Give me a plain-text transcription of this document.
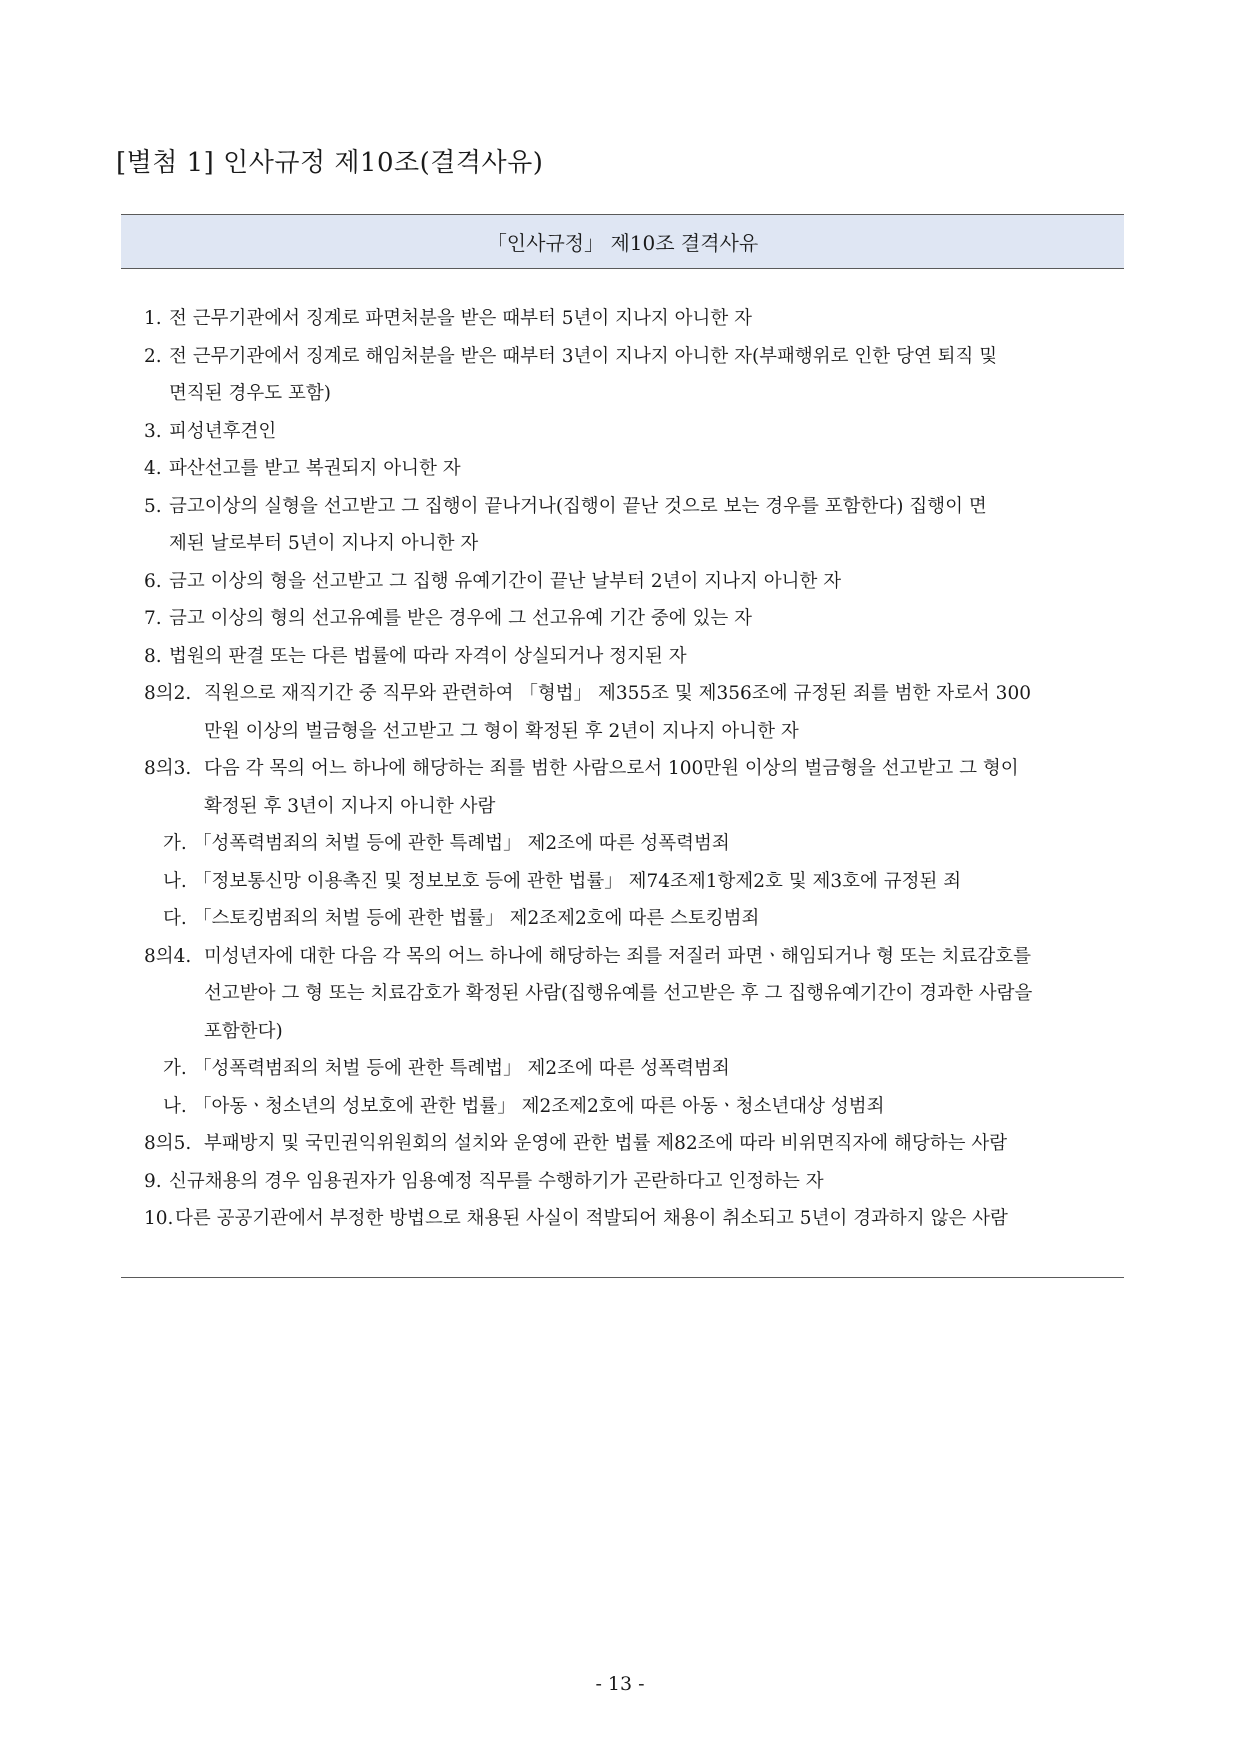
[별첨 1] 인사규정 제10조(결격사유)
「인사규정」 제10조 결격사유
1. 전 근무기관에서 징계로 파면처분을 받은 때부터 5년이 지나지 아니한 자
2. 전 근무기관에서 징계로 해임처분을 받은 때부터 3년이 지나지 아니한 자(부패행위로 인한 당연 퇴직 및
면직된 경우도 포함)
3. 피성년후견인
4. 파산선고를 받고 복권되지 아니한 자
5. 금고이상의 실형을 선고받고 그 집행이 끝나거나(집행이 끝난 것으로 보는 경우를 포함한다) 집행이 면
제된 날로부터 5년이 지나지 아니한 자
6. 금고 이상의 형을 선고받고 그 집행 유예기간이 끝난 날부터 2년이 지나지 아니한 자
7. 금고 이상의 형의 선고유예를 받은 경우에 그 선고유예 기간 중에 있는 자
8. 법원의 판결 또는 다른 법률에 따라 자격이 상실되거나 정지된 자
8의2. 직원으로 재직기간 중 직무와 관련하여 「형법」 제355조 및 제356조에 규정된 죄를 범한 자로서 300
만원 이상의 벌금형을 선고받고 그 형이 확정된 후 2년이 지나지 아니한 자
8의3. 다음 각 목의 어느 하나에 해당하는 죄를 범한 사람으로서 100만원 이상의 벌금형을 선고받고 그 형이
확정된 후 3년이 지나지 아니한 사람
가. 「성폭력범죄의 처벌 등에 관한 특례법」 제2조에 따른 성폭력범죄
나. 「정보통신망 이용촉진 및 정보보호 등에 관한 법률」 제74조제1항제2호 및 제3호에 규정된 죄
다. 「스토킹범죄의 처벌 등에 관한 법률」 제2조제2호에 따른 스토킹범죄
8의4. 미성년자에 대한 다음 각 목의 어느 하나에 해당하는 죄를 저질러 파면ㆍ해임되거나 형 또는 치료감호를
선고받아 그 형 또는 치료감호가 확정된 사람(집행유예를 선고받은 후 그 집행유예기간이 경과한 사람을
포함한다)
가. 「성폭력범죄의 처벌 등에 관한 특례법」 제2조에 따른 성폭력범죄
나. 「아동ㆍ청소년의 성보호에 관한 법률」 제2조제2호에 따른 아동ㆍ청소년대상 성범죄
8의5. 부패방지 및 국민권익위원회의 설치와 운영에 관한 법률 제82조에 따라 비위면직자에 해당하는 사람
9. 신규채용의 경우 임용권자가 임용예정 직무를 수행하기가 곤란하다고 인정하는 자
10. 다른 공공기관에서 부정한 방법으로 채용된 사실이 적발되어 채용이 취소되고 5년이 경과하지 않은 사람
- 13 -
